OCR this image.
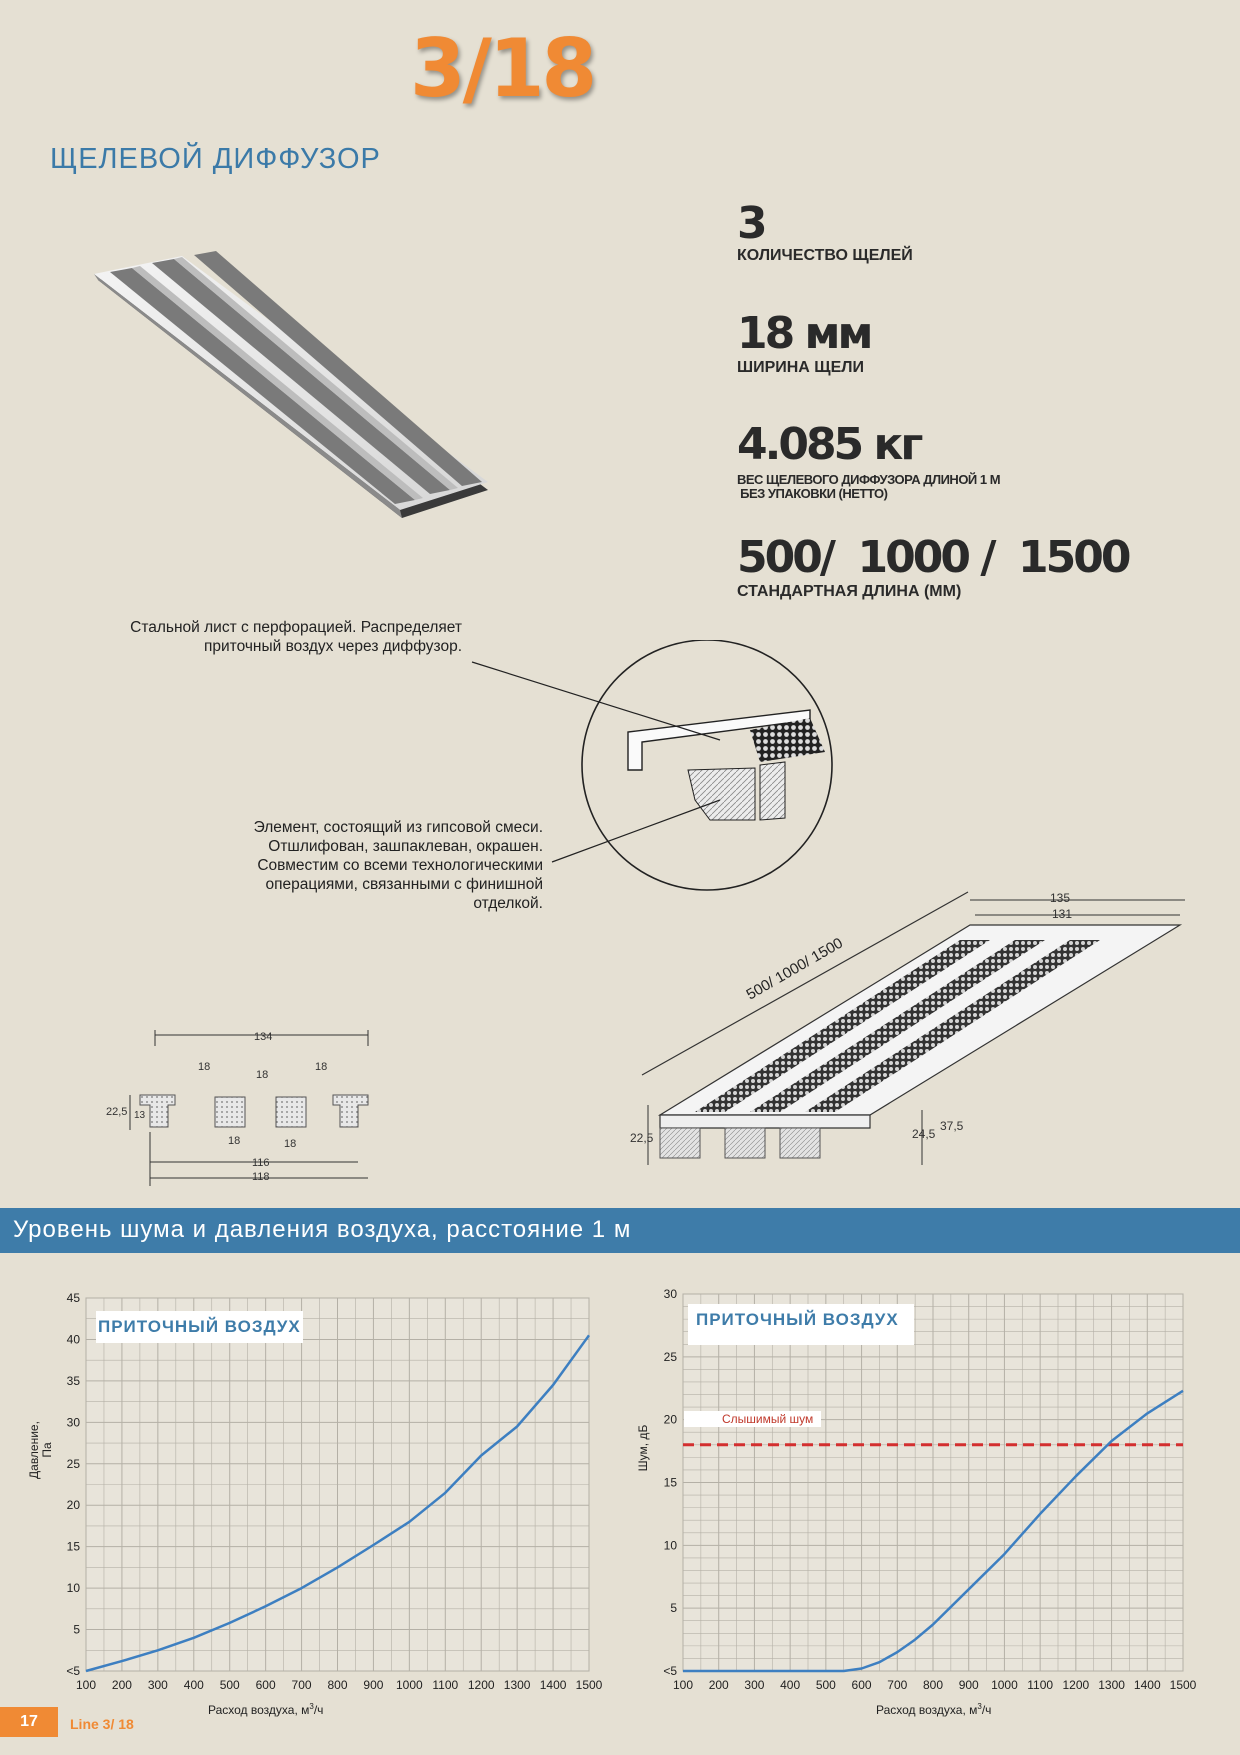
3/18
ЩЕЛЕВОЙ ДИФФУЗОР
3
КОЛИЧЕСТВО ЩЕЛЕЙ
18 мм
ШИРИНА ЩЕЛИ
4.085 кг
ВЕС ЩЕЛЕВОГО ДИФФУЗОРА ДЛИНОЙ 1 М
БЕЗ УПАКОВКИ (НЕТТО)
500/  1000 /  1500
СТАНДАРТНАЯ ДЛИНА (ММ)
Стальной лист с перфорацией. Распределяет
приточный воздух через диффузор.
Элемент, состоящий из гипсовой смеси.
Отшлифован, зашпаклеван, окрашен.
Совместим со всеми технологическими
операциями, связанными с финишной
отделкой.
134
18
18
18
22,5 13
18	18
116
118
135
131
22,5	24,5
37,5
500/ 1000/ 1500
Уровень шума и давления воздуха, расстояние 1 м
100 200 300 400 500 600 700 800 900 1000 1100 1200 1300 1400 1500
<5
5
10
15
20
25
30
35
40
45
100 200 300 400 500 600 700 800 900 1000 1100 1200 1300 1400 1500
<5
5
10
15
20
25
30
ПРИТОЧНЫЙ ВОЗДУХ
Давление, Па
Расход воздуха, $м^3/ч$
ПРИТОЧНЫЙ ВОЗДУХ
Шум, дБ
Слышимый шум
Расход воздуха, $м^3/ч$
17	Line 3/ 18
